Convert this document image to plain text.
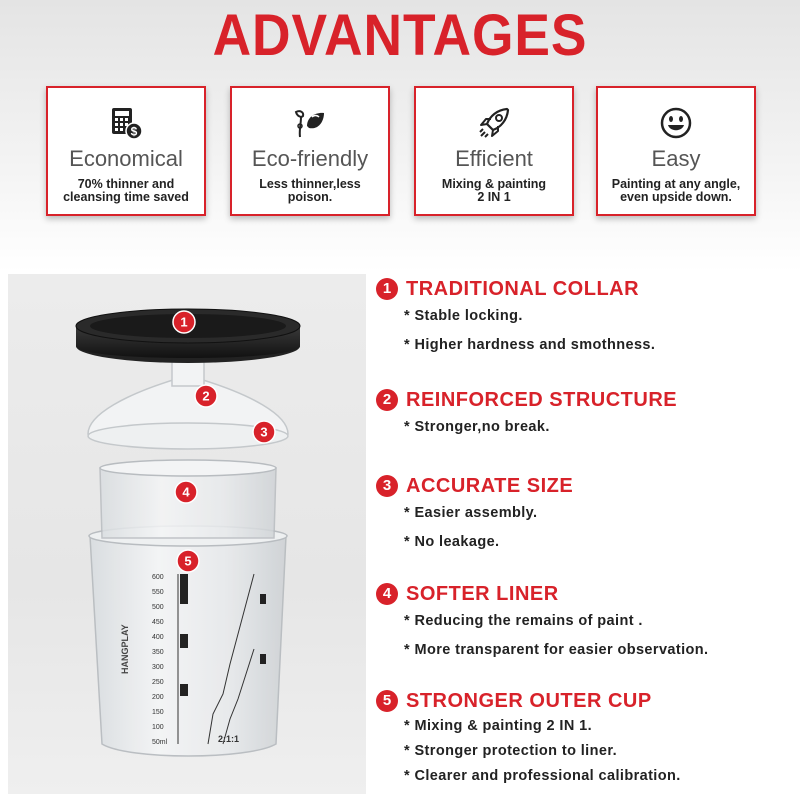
ADVANTAGES
$
Economical
70% thinner and
cleansing time saved
Eco-friendly
Less thinner,less
poison.
Efficient
Mixing & painting
2 IN 1
Easy
Painting at any angle,
even upside down.
600
550
500
450
400
350
300
250
200
150
100
50ml	2:1:1
HANGPLAY
1
2
3
4
5
1 TRADITIONAL COLLAR
* Stable locking.
* Higher hardness and smothness.
2 REINFORCED STRUCTURE
* Stronger,no break.
3 ACCURATE SIZE
* Easier assembly.
* No leakage.
4 SOFTER LINER
* Reducing the remains of paint .
* More transparent for easier observation.
5 STRONGER OUTER CUP
* Mixing & painting 2 IN 1.
* Stronger protection to liner.
* Clearer and professional calibration.
